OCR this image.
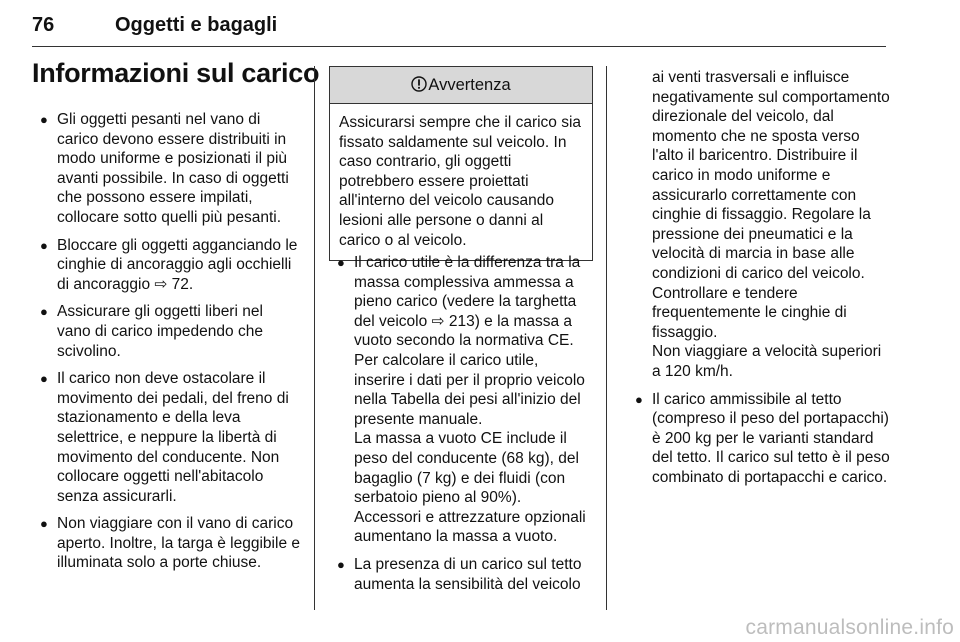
76	Oggetti e bagagli
Informazioni sul carico
● Gli oggetti pesanti nel vano di carico devono essere distribuiti in modo uniforme e posizionati il più avanti possibile. In caso di oggetti che possono essere impilati, collocare sotto quelli più pesanti.
● Bloccare gli oggetti agganciando le cinghie di ancoraggio agli occhielli di ancoraggio ⇨ 72.
● Assicurare gli oggetti liberi nel vano di carico impedendo che scivolino.
● Il carico non deve ostacolare il movimento dei pedali, del freno di stazionamento e della leva selettrice, e neppure la libertà di movimento del conducente. Non collocare oggetti nell'abitacolo senza assicurarli.
● Non viaggiare con il vano di carico aperto. Inoltre, la targa è leggibile e illuminata solo a porte chiuse.
Avvertenza
Assicurarsi sempre che il carico sia fissato saldamente sul veicolo. In caso contrario, gli oggetti potrebbero essere proiettati all'interno del veicolo causando lesioni alle persone o danni al carico o al veicolo.
● Il carico utile è la differenza tra la massa complessiva ammessa a pieno carico (vedere la targhetta del veicolo ⇨ 213) e la massa a vuoto secondo la normativa CE.

Per calcolare il carico utile, inserire i dati per il proprio veicolo nella Tabella dei pesi all'inizio del presente manuale.

La massa a vuoto CE include il peso del conducente (68 kg), del bagaglio (7 kg) e dei fluidi (con serbatoio pieno al 90%).

Accessori e attrezzature opzionali aumentano la massa a vuoto.

● La presenza di un carico sul tetto aumenta la sensibilità del veicolo

ai venti trasversali e influisce negativamente sul comportamento direzionale del veicolo, dal momento che ne sposta verso l'alto il baricentro. Distribuire il carico in modo uniforme e assicurarlo correttamente con cinghie di fissaggio. Regolare la pressione dei pneumatici e la velocità di marcia in base alle condizioni di carico del veicolo. Controllare e tendere frequentemente le cinghie di fissaggio.

Non viaggiare a velocità superiori a 120 km/h.

● Il carico ammissibile al tetto (compreso il peso del portapacchi) è 200 kg per le varianti standard del tetto. Il carico sul tetto è il peso combinato di portapacchi e carico.

carmanualsonline.info
